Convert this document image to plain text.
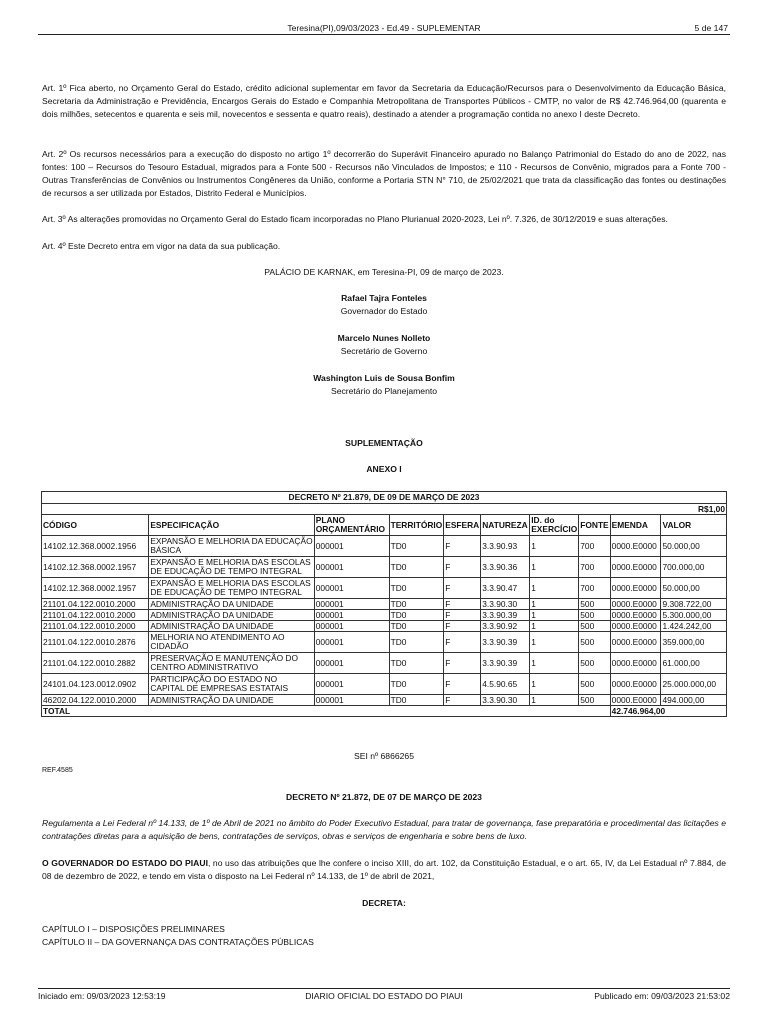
Teresina(PI),09/03/2023 - Ed.49 - SUPLEMENTAR	5 de 147
Art. 1º Fica aberto, no Orçamento Geral do Estado, crédito adicional suplementar em favor da Secretaria da Educação/Recursos para o Desenvolvimento da Educação Básica, Secretaria da Administração e Previdência, Encargos Gerais do Estado e Companhia Metropolitana de Transportes Públicos - CMTP, no valor de R$ 42.746.964,00 (quarenta e dois milhões, setecentos e quarenta e seis mil, novecentos e sessenta e quatro reais), destinado a atender a programação contida no anexo I deste Decreto.
Art. 2º Os recursos necessários para a execução do disposto no artigo 1º decorrerão do Superávit Financeiro apurado no Balanço Patrimonial do Estado do ano de 2022, nas fontes: 100 – Recursos do Tesouro Estadual, migrados para a Fonte 500 - Recursos não Vinculados de Impostos; e 110 - Recursos de Convênio, migrados para a Fonte 700 - Outras Transferências de Convênios ou Instrumentos Congêneres da União, conforme a Portaria STN N° 710, de 25/02/2021 que trata da classificação das fontes ou destinações de recursos a ser utilizada por Estados, Distrito Federal e Municípios.
Art. 3º As alterações promovidas no Orçamento Geral do Estado ficam incorporadas no Plano Plurianual 2020-2023, Lei nº. 7.326, de 30/12/2019 e suas alterações.
Art. 4º Este Decreto entra em vigor na data da sua publicação.
PALÁCIO DE KARNAK, em Teresina-PI, 09 de março de 2023.
Rafael Tajra Fonteles
Governador do Estado
Marcelo Nunes Nolleto
Secretário de Governo
Washington Luis de Sousa Bonfim
Secretário do Planejamento
SUPLEMENTAÇÃO
ANEXO I
DECRETO Nº 21.879, DE 09 DE MARÇO DE 2023									
R$1,00									
CÓDIGO	ESPECIFICAÇÃO	PLANO ORÇAMENTÁRIO	TERRITÓRIO	ESFERA	NATUREZA	ID. do EXERCÍCIO	FONTE	EMENDA	VALOR
14102.12.368.0002.1956	EXPANSÃO E MELHORIA DA EDUCAÇÃO BÁSICA	000001	TD0	F	3.3.90.93	1	700	0000.E0000	50.000,00
14102.12.368.0002.1957	EXPANSÃO E MELHORIA DAS ESCOLAS DE EDUCAÇÃO DE TEMPO INTEGRAL	000001	TD0	F	3.3.90.36	1	700	0000.E0000	700.000,00
14102.12.368.0002.1957	EXPANSÃO E MELHORIA DAS ESCOLAS DE EDUCAÇÃO DE TEMPO INTEGRAL	000001	TD0	F	3.3.90.47	1	700	0000.E0000	50.000,00
21101.04.122.0010.2000	ADMINISTRAÇÃO DA UNIDADE	000001	TD0	F	3.3.90.30	1	500	0000.E0000	9.308.722,00
21101.04.122.0010.2000	ADMINISTRAÇÃO DA UNIDADE	000001	TD0	F	3.3.90.39	1	500	0000.E0000	5.300.000,00
21101.04.122.0010.2000	ADMINISTRAÇÃO DA UNIDADE	000001	TD0	F	3.3.90.92	1	500	0000.E0000	1.424.242,00
21101.04.122.0010.2876	MELHORIA NO ATENDIMENTO AO CIDADÃO	000001	TD0	F	3.3.90.39	1	500	0000.E0000	359.000,00
21101.04.122.0010.2882	PRESERVAÇÃO E MANUTENÇÃO DO CENTRO ADMINISTRATIVO	000001	TD0	F	3.3.90.39	1	500	0000.E0000	61.000,00
24101.04.123.0012.0902	PARTICIPAÇÃO DO ESTADO NO CAPITAL DE EMPRESAS ESTATAIS	000001	TD0	F	4.5.90.65	1	500	0000.E0000	25.000.000,00
46202.04.122.0010.2000	ADMINISTRAÇÃO DA UNIDADE	000001	TD0	F	3.3.90.30	1	500	0000.E0000	494.000,00
TOTAL								42.746.964,00	
SEI nº 6866265
REF.4585
DECRETO Nº 21.872, DE 07 DE MARÇO DE 2023
Regulamenta a Lei Federal nº 14.133, de 1º de Abril de 2021 no âmbito do Poder Executivo Estadual, para tratar de governança, fase preparatória e procedimental das licitações e contratações diretas para a aquisição de bens, contratações de serviços, obras e serviços de engenharia e sobre bens de luxo.
O GOVERNADOR DO ESTADO DO PIAUI, no uso das atribuições que lhe confere o inciso XIII, do art. 102, da Constituição Estadual, e o art. 65, IV, da Lei Estadual nº 7.884, de 08 de dezembro de 2022, e tendo em vista o disposto na Lei Federal nº 14.133, de 1º de abril de 2021,
DECRETA:
CAPÍTULO I – DISPOSIÇÕES PRELIMINARES
CAPÍTULO II – DA GOVERNANÇA DAS CONTRATAÇÕES PÚBLICAS
Iniciado em: 09/03/2023 12:53:19	DIARIO OFICIAL DO ESTADO DO PIAUI	Publicado em: 09/03/2023 21:53:02
